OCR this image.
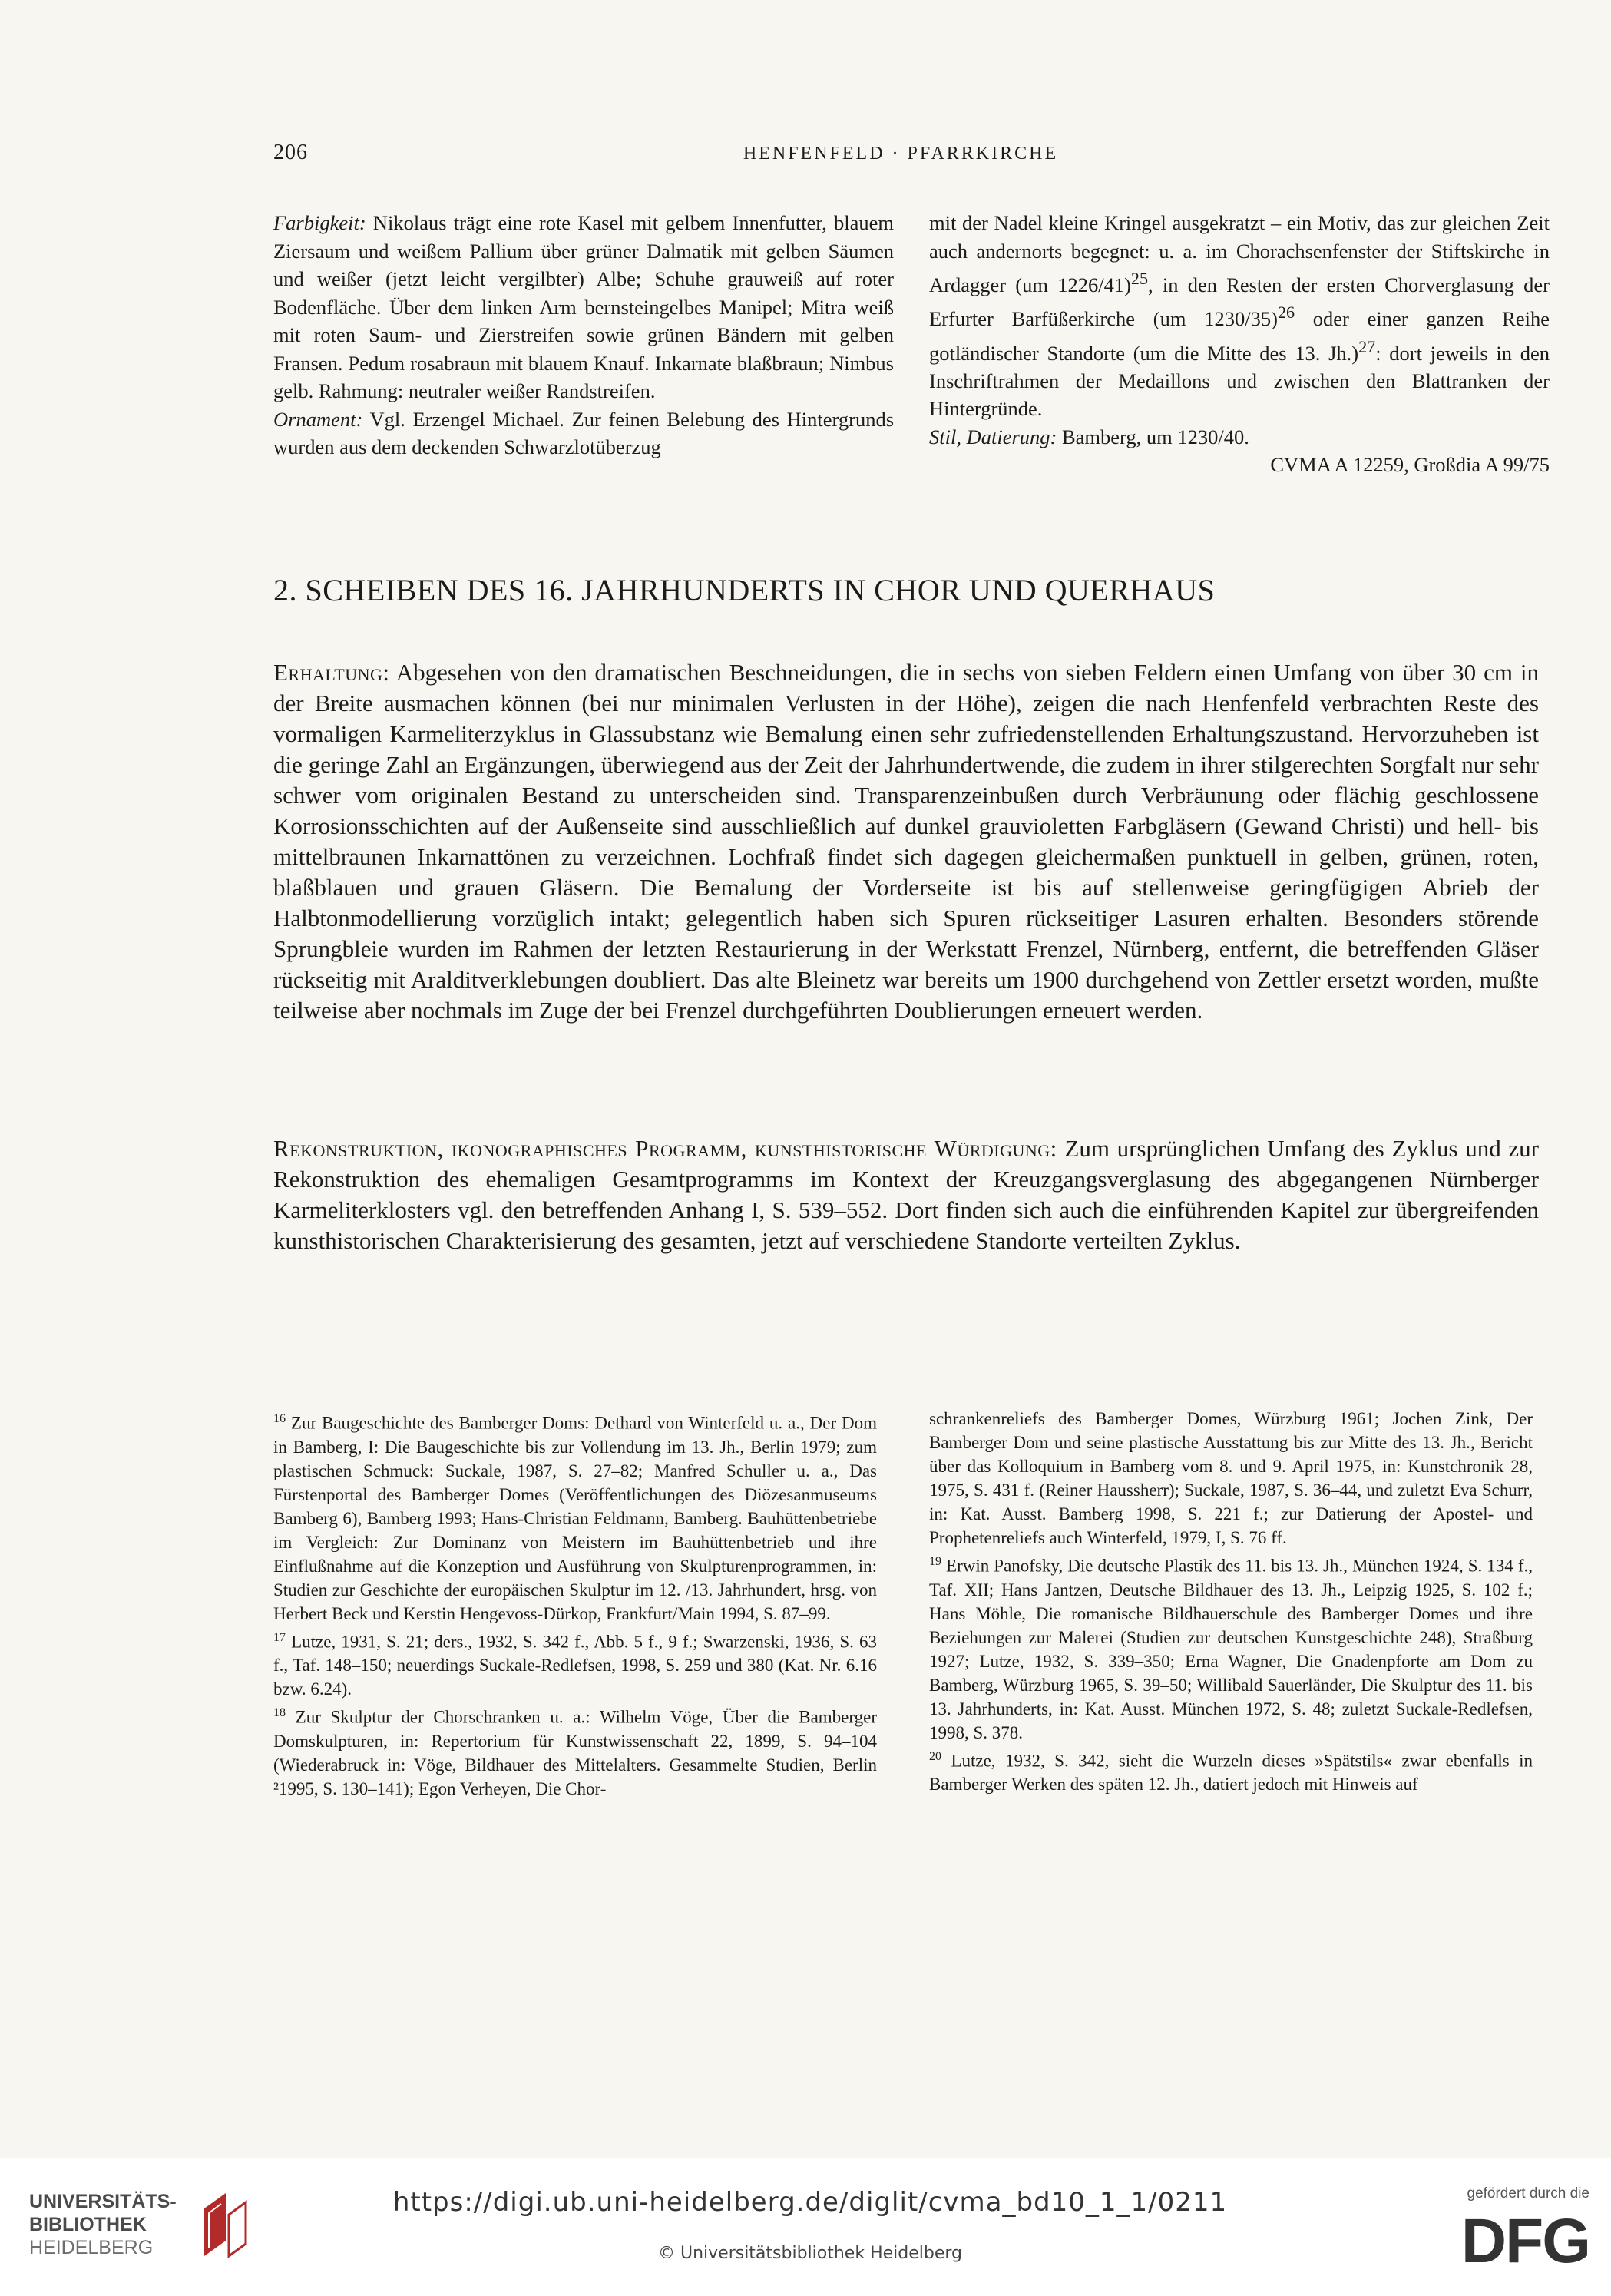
206	HENFENFELD · PFARRKIRCHE

Farbigkeit: Nikolaus trägt eine rote Kasel mit gelbem Innenfutter, blauem Ziersaum und weißem Pallium über grüner Dalmatik mit gelben Säumen und weißer (jetzt leicht vergilbter) Albe; Schuhe grauweiß auf roter Bodenfläche. Über dem linken Arm bernsteingelbes Manipel; Mitra weiß mit roten Saum- und Zierstreifen sowie grünen Bändern mit gelben Fransen. Pedum rosabraun mit blauem Knauf. Inkarnate blaßbraun; Nimbus gelb. Rahmung: neutraler weißer Randstreifen.

Ornament: Vgl. Erzengel Michael. Zur feinen Belebung des Hintergrunds wurden aus dem deckenden Schwarzlotüberzug

mit der Nadel kleine Kringel ausgekratzt – ein Motiv, das zur gleichen Zeit auch andernorts begegnet: u. a. im Chorachsenfenster der Stiftskirche in Ardagger (um 1226/41)$^{25}$, in den Resten der ersten Chorverglasung der Erfurter Barfüßerkirche (um 1230/35)$^{26}$ oder einer ganzen Reihe gotländischer Standorte (um die Mitte des 13. Jh.)$^{27}$: dort jeweils in den Inschriftrahmen der Medaillons und zwischen den Blattranken der Hintergründe.

Stil, Datierung: Bamberg, um 1230/40.

CVMA A 12259, Großdia A 99/75

2. SCHEIBEN DES 16. JAHRHUNDERTS IN CHOR UND QUERHAUS

Erhaltung: Abgesehen von den dramatischen Beschneidungen, die in sechs von sieben Feldern einen Umfang von über 30 cm in der Breite ausmachen können (bei nur minimalen Verlusten in der Höhe), zeigen die nach Henfenfeld verbrachten Reste des vormaligen Karmeliterzyklus in Glassubstanz wie Bemalung einen sehr zufriedenstellenden Erhaltungszustand. Hervorzuheben ist die geringe Zahl an Ergänzungen, überwiegend aus der Zeit der Jahrhundertwende, die zudem in ihrer stilgerechten Sorgfalt nur sehr schwer vom originalen Bestand zu unterscheiden sind. Transparenzeinbußen durch Verbräunung oder flächig geschlossene Korrosionsschichten auf der Außenseite sind ausschließlich auf dunkel grauvioletten Farbgläsern (Gewand Christi) und hell- bis mittelbraunen Inkarnattönen zu verzeichnen. Lochfraß findet sich dagegen gleichermaßen punktuell in gelben, grünen, roten, blaßblauen und grauen Gläsern. Die Bemalung der Vorderseite ist bis auf stellenweise geringfügigen Abrieb der Halbtonmodellierung vorzüglich intakt; gelegentlich haben sich Spuren rückseitiger Lasuren erhalten. Besonders störende Sprungbleie wurden im Rahmen der letzten Restaurierung in der Werkstatt Frenzel, Nürnberg, entfernt, die betreffenden Gläser rückseitig mit Aralditverklebungen doubliert. Das alte Bleinetz war bereits um 1900 durchgehend von Zettler ersetzt worden, mußte teilweise aber nochmals im Zuge der bei Frenzel durchgeführten Doublierungen erneuert werden.

Rekonstruktion, ikonographisches Programm, kunsthistorische Würdigung: Zum ursprünglichen Umfang des Zyklus und zur Rekonstruktion des ehemaligen Gesamtprogramms im Kontext der Kreuzgangsverglasung des abgegangenen Nürnberger Karmeliterklosters vgl. den betreffenden Anhang I, S. 539–552. Dort finden sich auch die einführenden Kapitel zur übergreifenden kunsthistorischen Charakterisierung des gesamten, jetzt auf verschiedene Standorte verteilten Zyklus.

$^{16}$ Zur Baugeschichte des Bamberger Doms: Dethard von Winterfeld u. a., Der Dom in Bamberg, I: Die Baugeschichte bis zur Vollendung im 13. Jh., Berlin 1979; zum plastischen Schmuck: Suckale, 1987, S. 27–82; Manfred Schuller u. a., Das Fürstenportal des Bamberger Domes (Veröffentlichungen des Diözesanmuseums Bamberg 6), Bamberg 1993; Hans-Christian Feldmann, Bamberg. Bauhüttenbetriebe im Vergleich: Zur Dominanz von Meistern im Bauhüttenbetrieb und ihre Einflußnahme auf die Konzeption und Ausführung von Skulpturenprogrammen, in: Studien zur Geschichte der europäischen Skulptur im 12. /13. Jahrhundert, hrsg. von Herbert Beck und Kerstin Hengevoss-Dürkop, Frankfurt/Main 1994, S. 87–99.

$^{17}$ Lutze, 1931, S. 21; ders., 1932, S. 342 f., Abb. 5 f., 9 f.; Swarzenski, 1936, S. 63 f., Taf. 148–150; neuerdings Suckale-Redlefsen, 1998, S. 259 und 380 (Kat. Nr. 6.16 bzw. 6.24).

$^{18}$ Zur Skulptur der Chorschranken u. a.: Wilhelm Vöge, Über die Bamberger Domskulpturen, in: Repertorium für Kunstwissenschaft 22, 1899, S. 94–104 (Wiederabruck in: Vöge, Bildhauer des Mittelalters. Gesammelte Studien, Berlin ²1995, S. 130–141); Egon Verheyen, Die Chor-

schrankenreliefs des Bamberger Domes, Würzburg 1961; Jochen Zink, Der Bamberger Dom und seine plastische Ausstattung bis zur Mitte des 13. Jh., Bericht über das Kolloquium in Bamberg vom 8. und 9. April 1975, in: Kunstchronik 28, 1975, S. 431 f. (Reiner Haussherr); Suckale, 1987, S. 36–44, und zuletzt Eva Schurr, in: Kat. Ausst. Bamberg 1998, S. 221 f.; zur Datierung der Apostel- und Prophetenreliefs auch Winterfeld, 1979, I, S. 76 ff.

$^{19}$ Erwin Panofsky, Die deutsche Plastik des 11. bis 13. Jh., München 1924, S. 134 f., Taf. XII; Hans Jantzen, Deutsche Bildhauer des 13. Jh., Leipzig 1925, S. 102 f.; Hans Möhle, Die romanische Bildhauerschule des Bamberger Domes und ihre Beziehungen zur Malerei (Studien zur deutschen Kunstgeschichte 248), Straßburg 1927; Lutze, 1932, S. 339–350; Erna Wagner, Die Gnadenpforte am Dom zu Bamberg, Würzburg 1965, S. 39–50; Willibald Sauerländer, Die Skulptur des 11. bis 13. Jahrhunderts, in: Kat. Ausst. München 1972, S. 48; zuletzt Suckale-Redlefsen, 1998, S. 378.

$^{20}$ Lutze, 1932, S. 342, sieht die Wurzeln dieses »Spätstils« zwar ebenfalls in Bamberger Werken des späten 12. Jh., datiert jedoch mit Hinweis auf

UNIVERSITÄTS-
BIBLIOTHEK
HEIDELBERG
https://digi.ub.uni-heidelberg.de/diglit/cvma_bd10_1_1/0211
© Universitätsbibliothek Heidelberg
gefördert durch die
DFG
